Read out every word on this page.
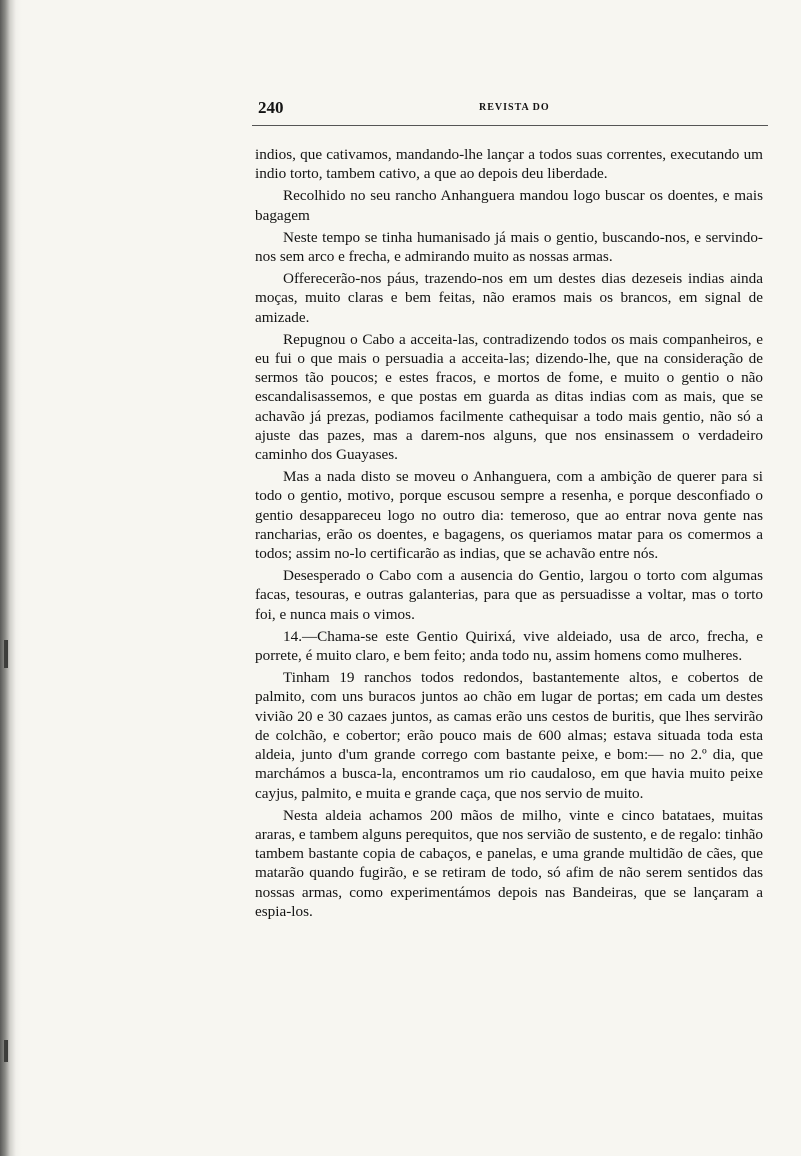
240	REVISTA DO

indios, que cativamos, mandando-lhe lançar a todos suas correntes, executando um indio torto, tambem cativo, a que ao depois deu liberdade.

Recolhido no seu rancho Anhanguera mandou logo buscar os doentes, e mais bagagem

Neste tempo se tinha humanisado já mais o gentio, buscando-nos, e servindo-nos sem arco e frecha, e admirando muito as nossas armas.

Offerecerão-nos páus, trazendo-nos em um destes dias dezeseis indias ainda moças, muito claras e bem feitas, não eramos mais os brancos, em signal de amizade.

Repugnou o Cabo a acceita-las, contradizendo todos os mais companheiros, e eu fui o que mais o persuadia a acceita-las; dizendo-lhe, que na consideração de sermos tão poucos; e estes fracos, e mortos de fome, e muito o gentio o não escandalisassemos, e que postas em guarda as ditas indias com as mais, que se achavão já prezas, podiamos facilmente cathequisar a todo mais gentio, não só a ajuste das pazes, mas a darem-nos alguns, que nos ensinassem o verdadeiro caminho dos Guayases.

Mas a nada disto se moveu o Anhanguera, com a ambição de querer para si todo o gentio, motivo, porque escusou sempre a resenha, e porque desconfiado o gentio desappareceu logo no outro dia: temeroso, que ao entrar nova gente nas rancharias, erão os doentes, e bagagens, os queriamos matar para os comermos a todos; assim no-lo certificarão as indias, que se achavão entre nós.

Desesperado o Cabo com a ausencia do Gentio, largou o torto com algumas facas, tesouras, e outras galanterias, para que as persuadisse a voltar, mas o torto foi, e nunca mais o vimos.

14.—Chama-se este Gentio Quirixá, vive aldeiado, usa de arco, frecha, e porrete, é muito claro, e bem feito; anda todo nu, assim homens como mulheres.

Tinham 19 ranchos todos redondos, bastantemente altos, e cobertos de palmito, com uns buracos juntos ao chão em lugar de portas; em cada um destes vivião 20 e 30 cazaes juntos, as camas erão uns cestos de buritis, que lhes servirão de colchão, e cobertor; erão pouco mais de 600 almas; estava situada toda esta aldeia, junto d'um grande corrego com bastante peixe, e bom:— no 2.º dia, que marchámos a busca-la, encontramos um rio caudaloso, em que havia muito peixe cayjus, palmito, e muita e grande caça, que nos servio de muito.

Nesta aldeia achamos 200 mãos de milho, vinte e cinco batataes, muitas araras, e tambem alguns perequitos, que nos servião de sustento, e de regalo: tinhão tambem bastante copia de cabaços, e panelas, e uma grande multidão de cães, que matarão quando fugirão, e se retiram de todo, só afim de não serem sentidos das nossas armas, como experimentámos depois nas Bandeiras, que se lançaram a espia-los.
